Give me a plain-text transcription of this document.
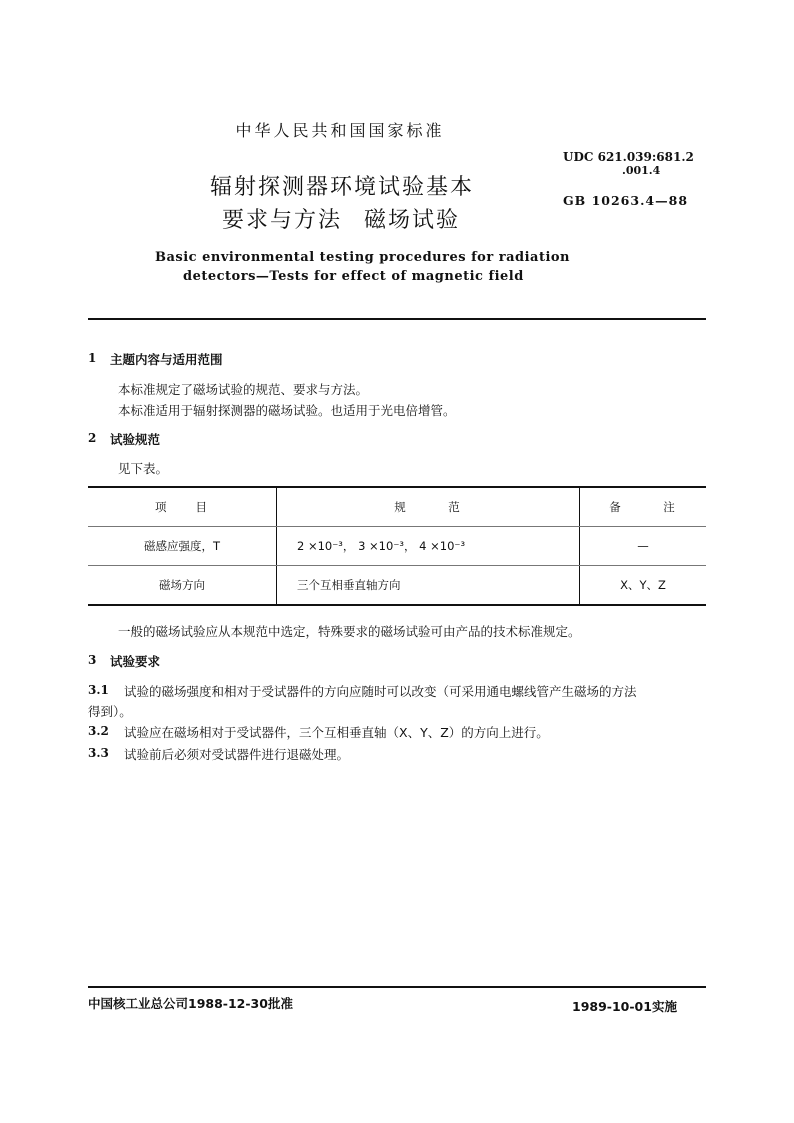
中华人民共和国国家标准
辐射探测器环境试验基本
要求与方法 磁场试验
UDC 621.039:681.2
.001.4
GB 10263.4—88
Basic environmental testing procedures for radiation
detectors—Tests for effect of magnetic field
1 主题内容与适用范围
本标准规定了磁场试验的规范、要求与方法。
本标准适用于辐射探测器的磁场试验。也适用于光电倍增管。
2 试验规范
见下表。
项　　目	规　　　范	备　　　注
磁感应强度，T	2 ×10⁻³， 3 ×10⁻³， 4 ×10⁻³	—
磁场方向	三个互相垂直轴方向	X、Y、Z
一般的磁场试验应从本规范中选定，特殊要求的磁场试验可由产品的技术标准规定。
3 试验要求
3.1 试验的磁场强度和相对于受试器件的方向应随时可以改变（可采用通电螺线管产生磁场的方法
得到）。
3.2 试验应在磁场相对于受试器件，三个互相垂直轴（X、Y、Z）的方向上进行。
3.3 试验前后必须对受试器件进行退磁处理。
中国核工业总公司1988-12-30批准	1989-10-01实施
